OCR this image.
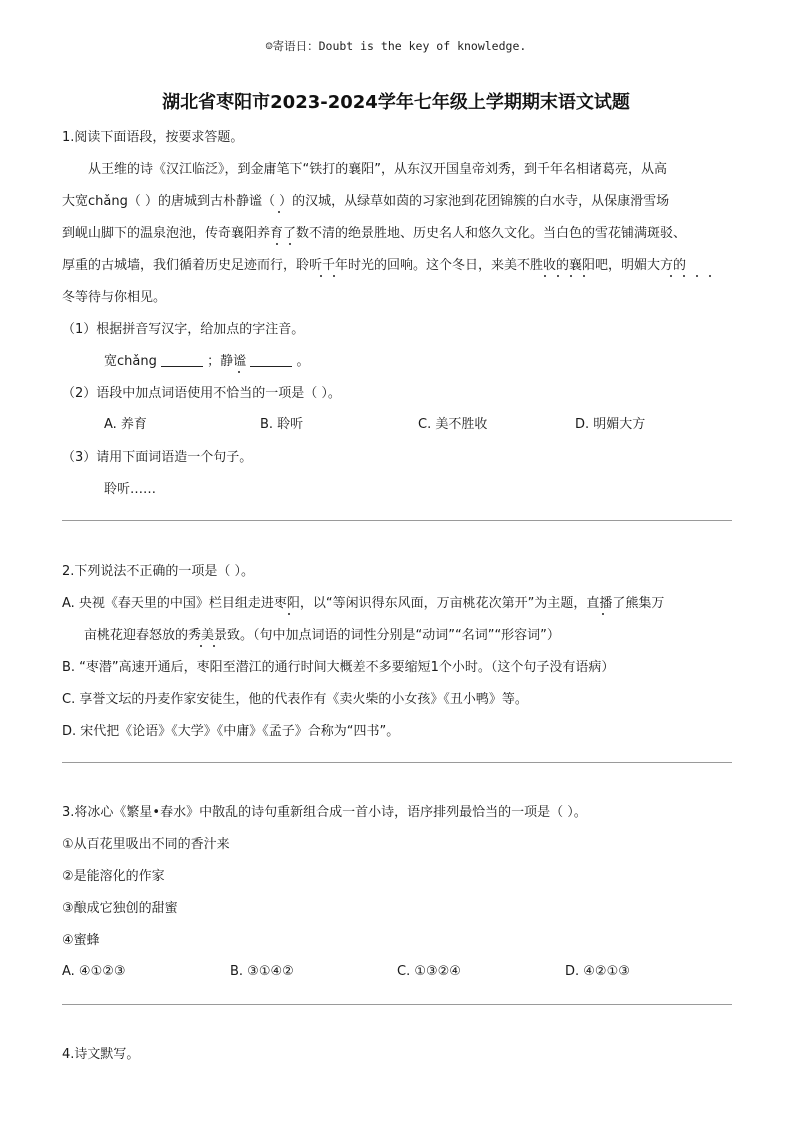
☺寄语日：Doubt is the key of knowledge.
湖北省枣阳市2023-2024学年七年级上学期期末语文试题
1.阅读下面语段，按要求答题。
从王维的诗《汉江临泛》，到金庸笔下“铁打的襄阳”，从东汉开国皇帝刘秀，到千年名相诸葛亮，从高
大宽chǎng（ ）的唐城到古朴静谧（ ）的汉城，从绿草如茵的习家池到花团锦簇的白水寺，从保康滑雪场
到岘山脚下的温泉泡池，传奇襄阳养育了数不清的绝景胜地、历史名人和悠久文化。当白色的雪花铺满斑驳、
厚重的古城墙，我们循着历史足迹而行，聆听千年时光的回响。这个冬日，来美不胜收的襄阳吧，明媚大方的
冬等待与你相见。
（1）根据拼音写汉字，给加点的字注音。
宽chǎng	；静谧	。
（2）语段中加点词语使用不恰当的一项是（ ）。
A. 养育	B. 聆听	C. 美不胜收	D. 明媚大方
（3）请用下面词语造一个句子。
聆听……
2.下列说法不正确的一项是（ ）。
A. 央视《春天里的中国》栏目组走进枣阳，以“等闲识得东风面，万亩桃花次第开”为主题，直播了熊集万
亩桃花迎春怒放的秀美景致。（句中加点词语的词性分别是“动词”“名词”“形容词”）
B. “枣潜”高速开通后，枣阳至潜江的通行时间大概差不多要缩短1个小时。（这个句子没有语病）
C. 享誉文坛的丹麦作家安徒生，他的代表作有《卖火柴的小女孩》《丑小鸭》等。
D. 宋代把《论语》《大学》《中庸》《孟子》合称为“四书”。
3.将冰心《繁星•春水》中散乱的诗句重新组合成一首小诗，语序排列最恰当的一项是（ ）。
①从百花里吸出不同的香汁来
②是能溶化的作家
③酿成它独创的甜蜜
④蜜蜂
A. ④①②③	B. ③①④②	C. ①③②④	D. ④②①③
4.诗文默写。
